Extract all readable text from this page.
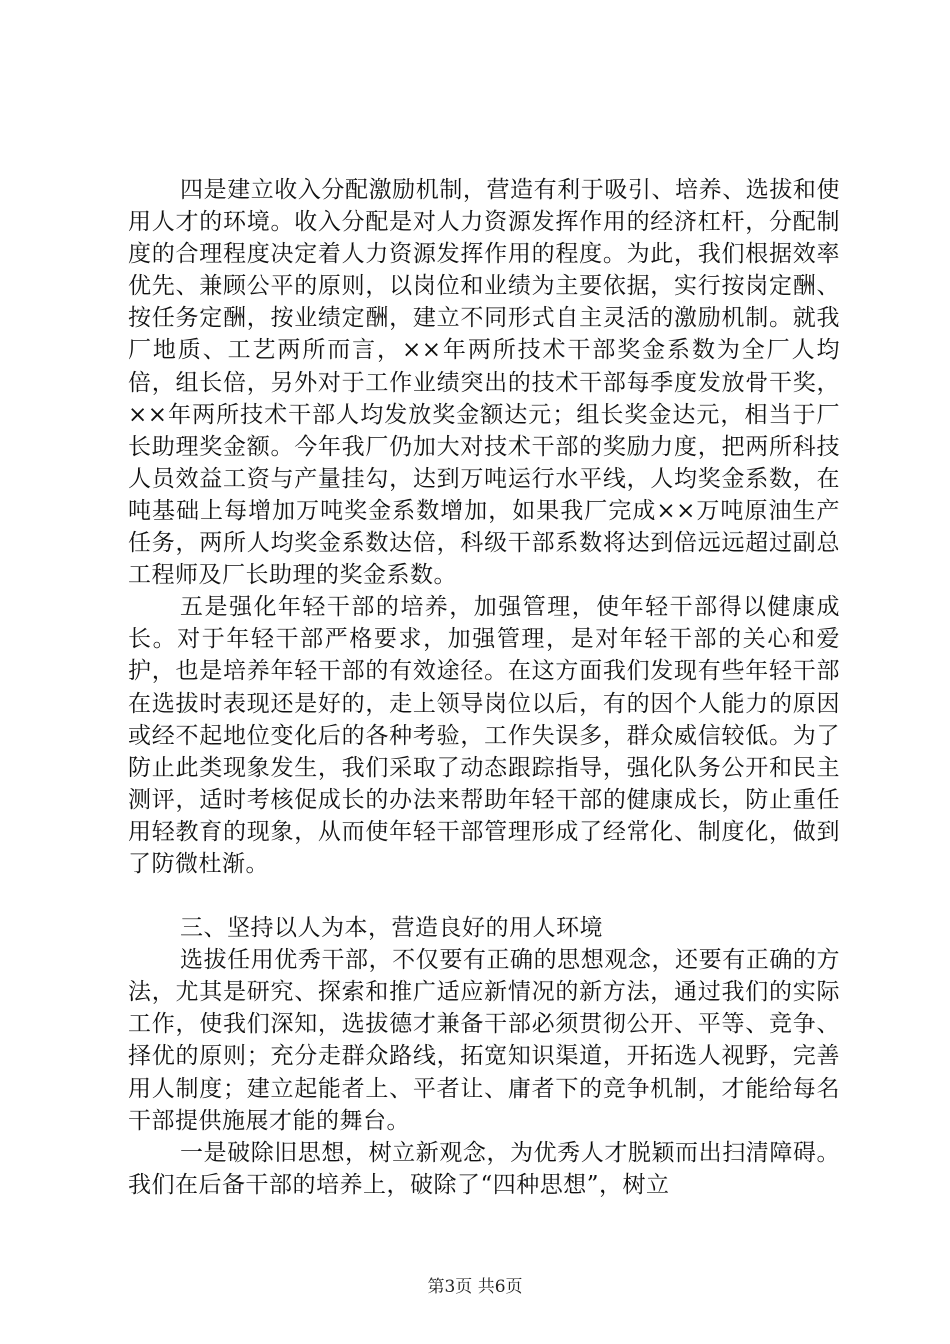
四是建立收入分配激励机制，营造有利于吸引、培养、选拔和使用人才的环境。收入分配是对人力资源发挥作用的经济杠杆，分配制度的合理程度决定着人力资源发挥作用的程度。为此，我们根据效率优先、兼顾公平的原则，以岗位和业绩为主要依据，实行按岗定酬、按任务定酬，按业绩定酬，建立不同形式自主灵活的激励机制。就我厂地质、工艺两所而言，××年两所技术干部奖金系数为全厂人均倍，组长倍，另外对于工作业绩突出的技术干部每季度发放骨干奖，××年两所技术干部人均发放奖金额达元；组长奖金达元，相当于厂长助理奖金额。今年我厂仍加大对技术干部的奖励力度，把两所科技人员效益工资与产量挂勾，达到万吨运行水平线，人均奖金系数，在吨基础上每增加万吨奖金系数增加，如果我厂完成××万吨原油生产任务，两所人均奖金系数达倍，科级干部系数将达到倍远远超过副总工程师及厂长助理的奖金系数。

五是强化年轻干部的培养，加强管理，使年轻干部得以健康成长。对于年轻干部严格要求，加强管理，是对年轻干部的关心和爱护，也是培养年轻干部的有效途径。在这方面我们发现有些年轻干部在选拔时表现还是好的，走上领导岗位以后，有的因个人能力的原因或经不起地位变化后的各种考验，工作失误多，群众威信较低。为了防止此类现象发生，我们采取了动态跟踪指导，强化队务公开和民主测评，适时考核促成长的办法来帮助年轻干部的健康成长，防止重任用轻教育的现象，从而使年轻干部管理形成了经常化、制度化，做到了防微杜渐。

三、坚持以人为本，营造良好的用人环境

选拔任用优秀干部，不仅要有正确的思想观念，还要有正确的方法，尤其是研究、探索和推广适应新情况的新方法，通过我们的实际工作，使我们深知，选拔德才兼备干部必须贯彻公开、平等、竞争、择优的原则；充分走群众路线，拓宽知识渠道，开拓选人视野，完善用人制度；建立起能者上、平者让、庸者下的竞争机制，才能给每名干部提供施展才能的舞台。

一是破除旧思想，树立新观念，为优秀人才脱颖而出扫清障碍。我们在后备干部的培养上，破除了“四种思想”，树立

第3页 共6页
